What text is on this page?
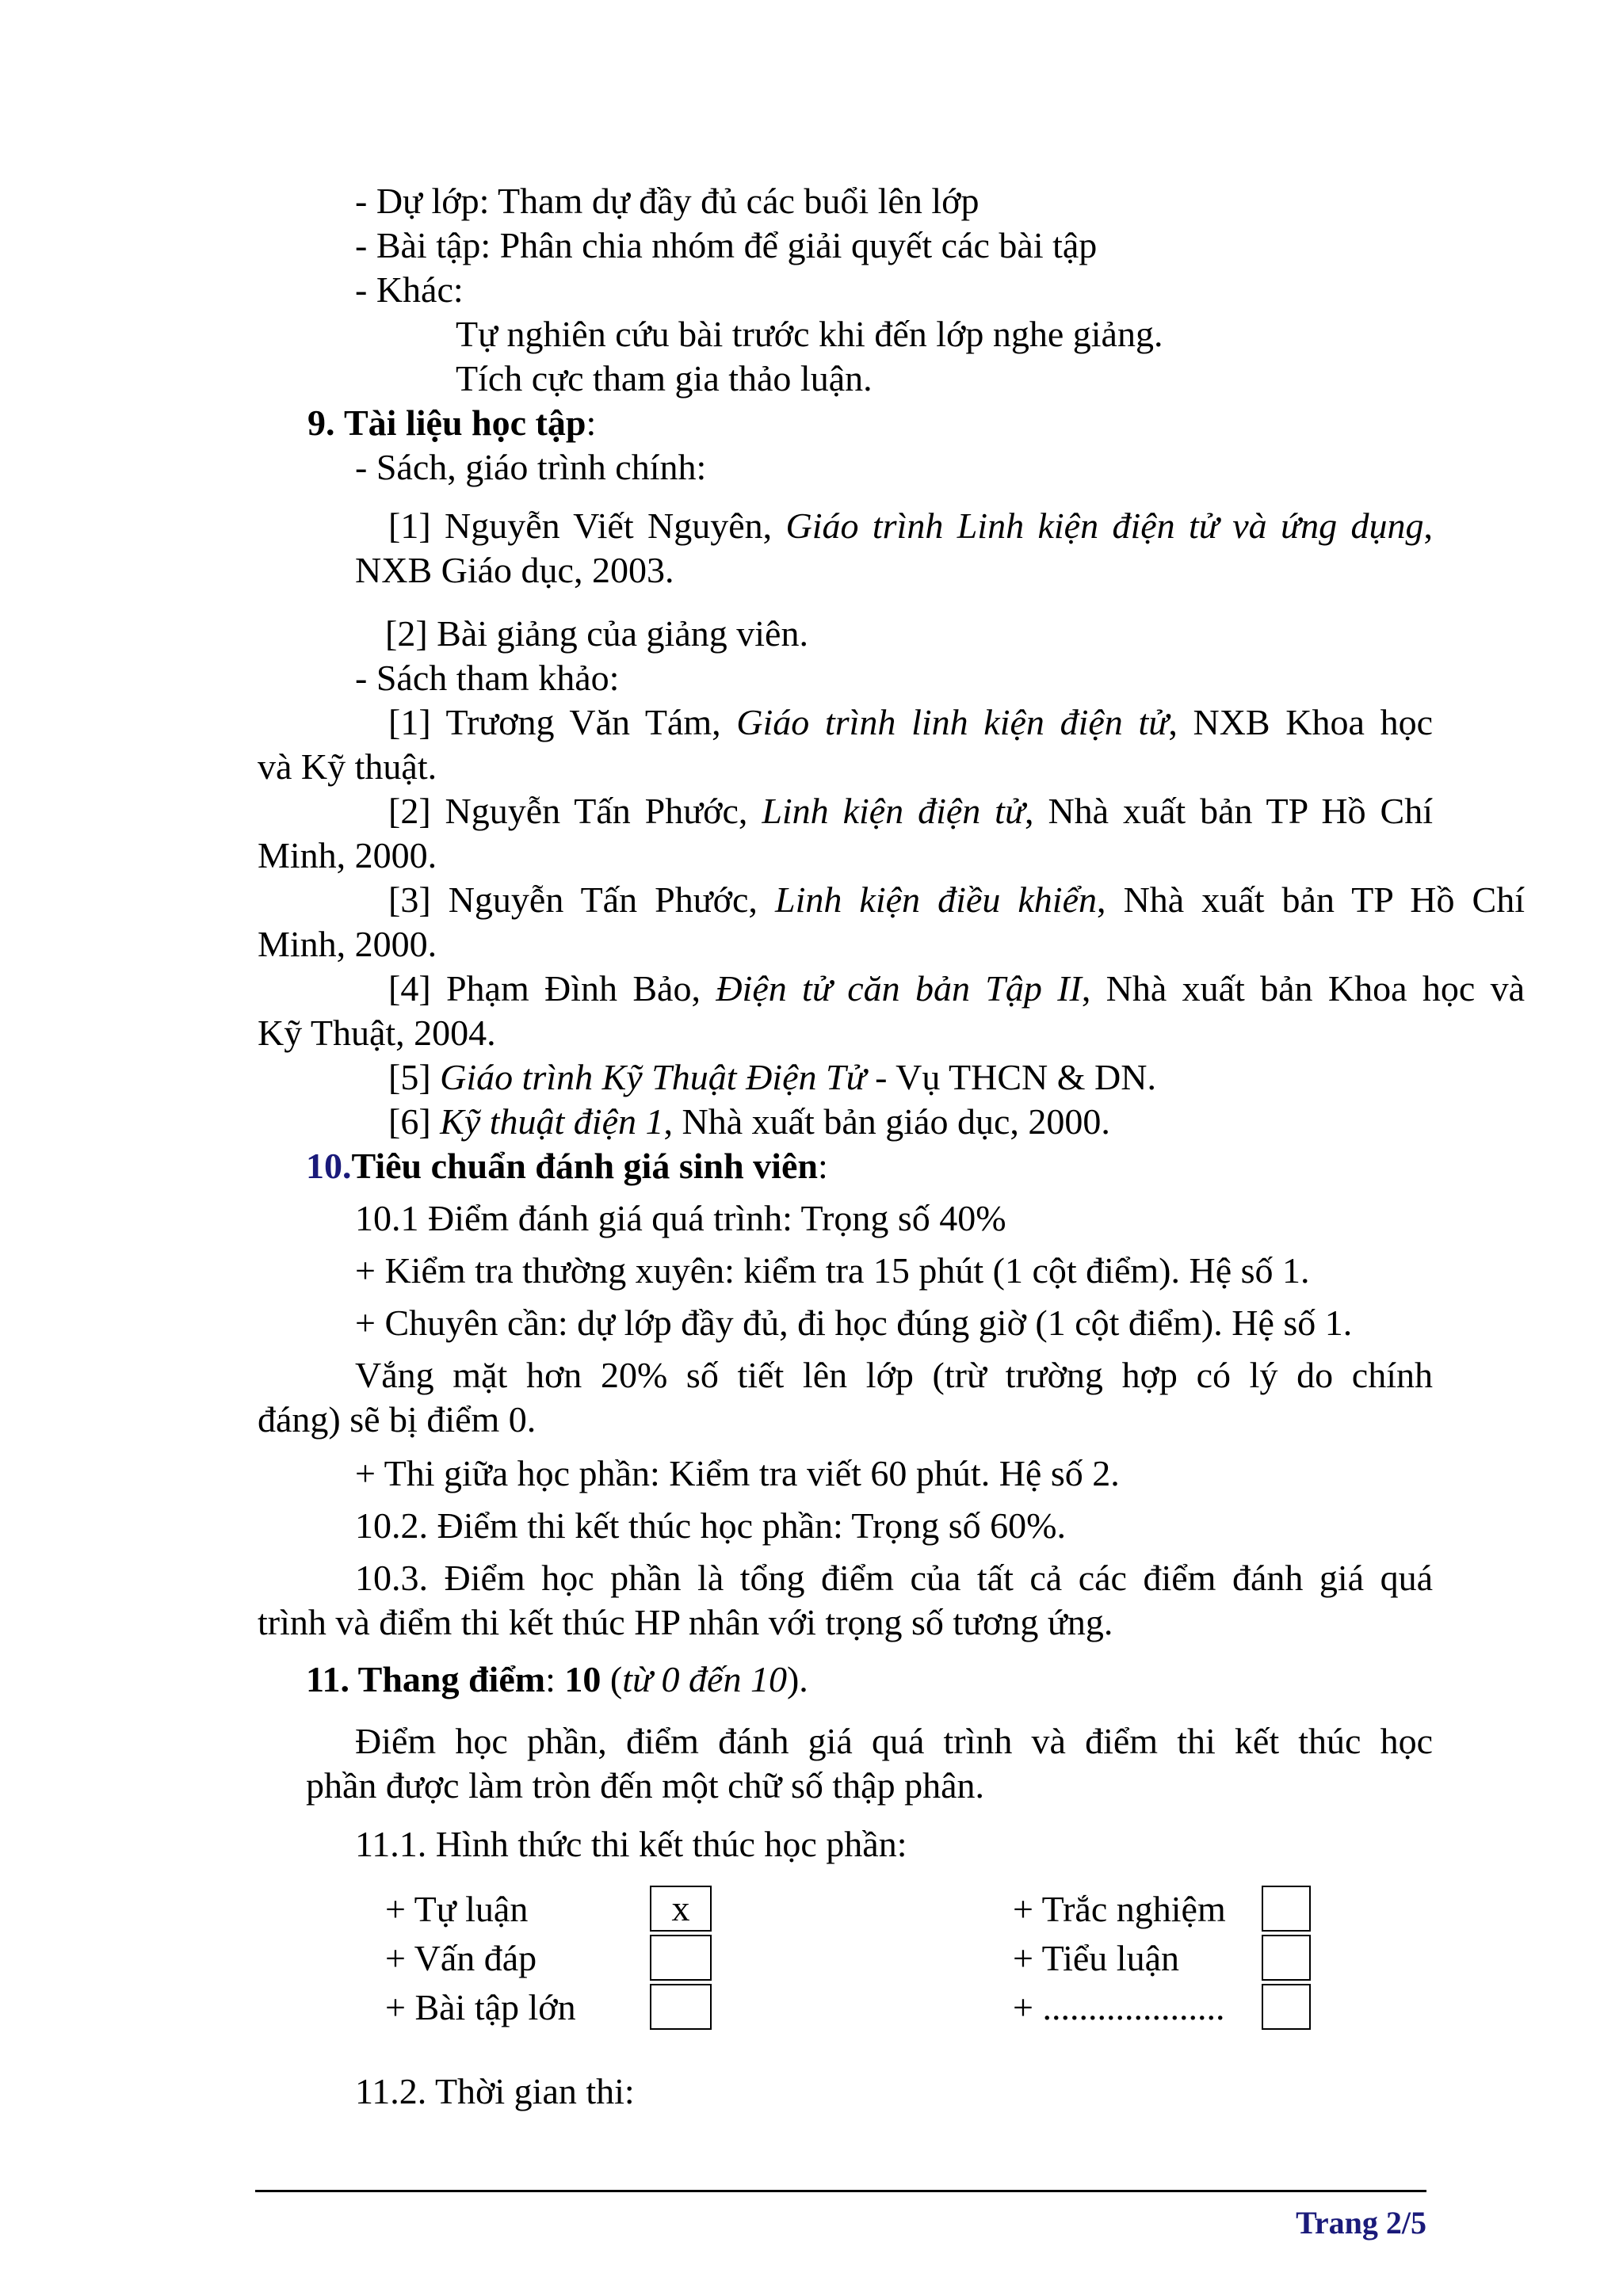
- Dự lớp: Tham dự đầy đủ các buổi lên lớp
- Bài tập: Phân chia nhóm để giải quyết các bài tập
- Khác:
Tự nghiên cứu bài trước khi đến lớp nghe giảng.
Tích cực tham gia thảo luận.
9. Tài liệu học tập:
- Sách, giáo trình chính:
[1] Nguyễn Viết Nguyên, Giáo trình Linh kiện điện tử và ứng dụng,
NXB Giáo dục, 2003.
[2] Bài giảng của giảng viên.
- Sách tham khảo:
[1] Trương Văn Tám, Giáo trình linh kiện điện tử, NXB Khoa học
và Kỹ thuật.
[2] Nguyễn Tấn Phước, Linh kiện điện tử, Nhà xuất bản TP Hồ Chí
Minh, 2000.
[3] Nguyễn Tấn Phước, Linh kiện điều khiển, Nhà xuất bản TP Hồ Chí
Minh, 2000.
[4] Phạm Đình Bảo, Điện tử căn bản Tập II, Nhà xuất bản Khoa học và
Kỹ Thuật, 2004.
[5] Giáo trình Kỹ Thuật Điện Tử - Vụ THCN & DN.
[6] Kỹ thuật điện 1, Nhà xuất bản giáo dục, 2000.
10.Tiêu chuẩn đánh giá sinh viên:
10.1 Điểm đánh giá quá trình: Trọng số 40%
+ Kiểm tra thường xuyên: kiểm tra 15 phút (1 cột điểm). Hệ số 1.
+ Chuyên cần: dự lớp đầy đủ, đi học đúng giờ (1 cột điểm). Hệ số 1.
Vắng mặt hơn 20% số tiết lên lớp (trừ trường hợp có lý do chính
đáng) sẽ bị điểm 0.
+ Thi giữa học phần: Kiểm tra viết 60 phút. Hệ số 2.
10.2. Điểm thi kết thúc học phần: Trọng số 60%.
10.3. Điểm học phần là tổng điểm của tất cả các điểm đánh giá quá
trình và điểm thi kết thúc HP nhân với trọng số tương ứng.
11. Thang điểm: 10 (từ 0 đến 10).
Điểm học phần, điểm đánh giá quá trình và điểm thi kết thúc học
phần được làm tròn đến một chữ số thập phân.
11.1. Hình thức thi kết thúc học phần:
+ Tự luận	x
+ Vấn đáp
+ Bài tập lớn
+ Trắc nghiệm
+ Tiểu luận
+ ....................
11.2. Thời gian thi:
Trang 2/5
